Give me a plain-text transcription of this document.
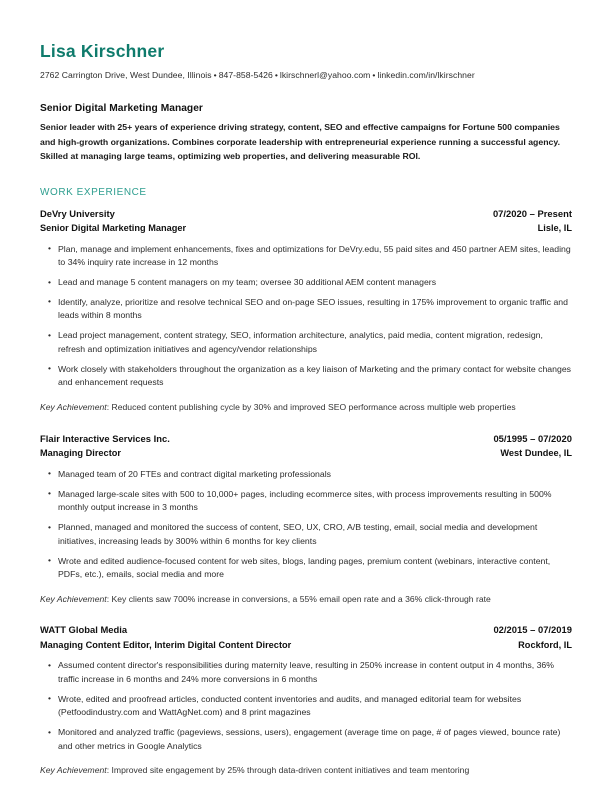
Lisa Kirschner
2762 Carrington Drive, West Dundee, Illinois • 847-858-5426 • lkirschnerl@yahoo.com • linkedin.com/in/lkirschner
Senior Digital Marketing Manager
Senior leader with 25+ years of experience driving strategy, content, SEO and effective campaigns for Fortune 500 companies and high-growth organizations. Combines corporate leadership with entrepreneurial experience running a successful agency. Skilled at managing large teams, optimizing web properties, and delivering measurable ROI.
WORK EXPERIENCE
DeVry University	07/2020 – Present
Senior Digital Marketing Manager	Lisle, IL
• Plan, manage and implement enhancements, fixes and optimizations for DeVry.edu, 55 paid sites and 450 partner AEM sites, leading to 34% inquiry rate increase in 12 months
• Lead and manage 5 content managers on my team; oversee 30 additional AEM content managers
• Identify, analyze, prioritize and resolve technical SEO and on-page SEO issues, resulting in 175% improvement to organic traffic and leads within 8 months
• Lead project management, content strategy, SEO, information architecture, analytics, paid media, content migration, redesign, refresh and optimization initiatives and agency/vendor relationships
• Work closely with stakeholders throughout the organization as a key liaison of Marketing and the primary contact for website changes and enhancement requests
Key Achievement: Reduced content publishing cycle by 30% and improved SEO performance across multiple web properties
Flair Interactive Services Inc.	05/1995 – 07/2020
Managing Director	West Dundee, IL
• Managed team of 20 FTEs and contract digital marketing professionals
• Managed large-scale sites with 500 to 10,000+ pages, including ecommerce sites, with process improvements resulting in 500% monthly output increase in 3 months
• Planned, managed and monitored the success of content, SEO, UX, CRO, A/B testing, email, social media and development initiatives, increasing leads by 300% within 6 months for key clients
• Wrote and edited audience-focused content for web sites, blogs, landing pages, premium content (webinars, interactive content, PDFs, etc.), emails, social media and more
Key Achievement: Key clients saw 700% increase in conversions, a 55% email open rate and a 36% click-through rate
WATT Global Media	02/2015 – 07/2019
Managing Content Editor, Interim Digital Content Director	Rockford, IL
• Assumed content director's responsibilities during maternity leave, resulting in 250% increase in content output in 4 months, 36% traffic increase in 6 months and 24% more conversions in 6 months
• Wrote, edited and proofread articles, conducted content inventories and audits, and managed editorial team for websites (Petfoodindustry.com and WattAgNet.com) and 8 print magazines
• Monitored and analyzed traffic (pageviews, sessions, users), engagement (average time on page, # of pages viewed, bounce rate) and other metrics in Google Analytics
Key Achievement: Improved site engagement by 25% through data-driven content initiatives and team mentoring
